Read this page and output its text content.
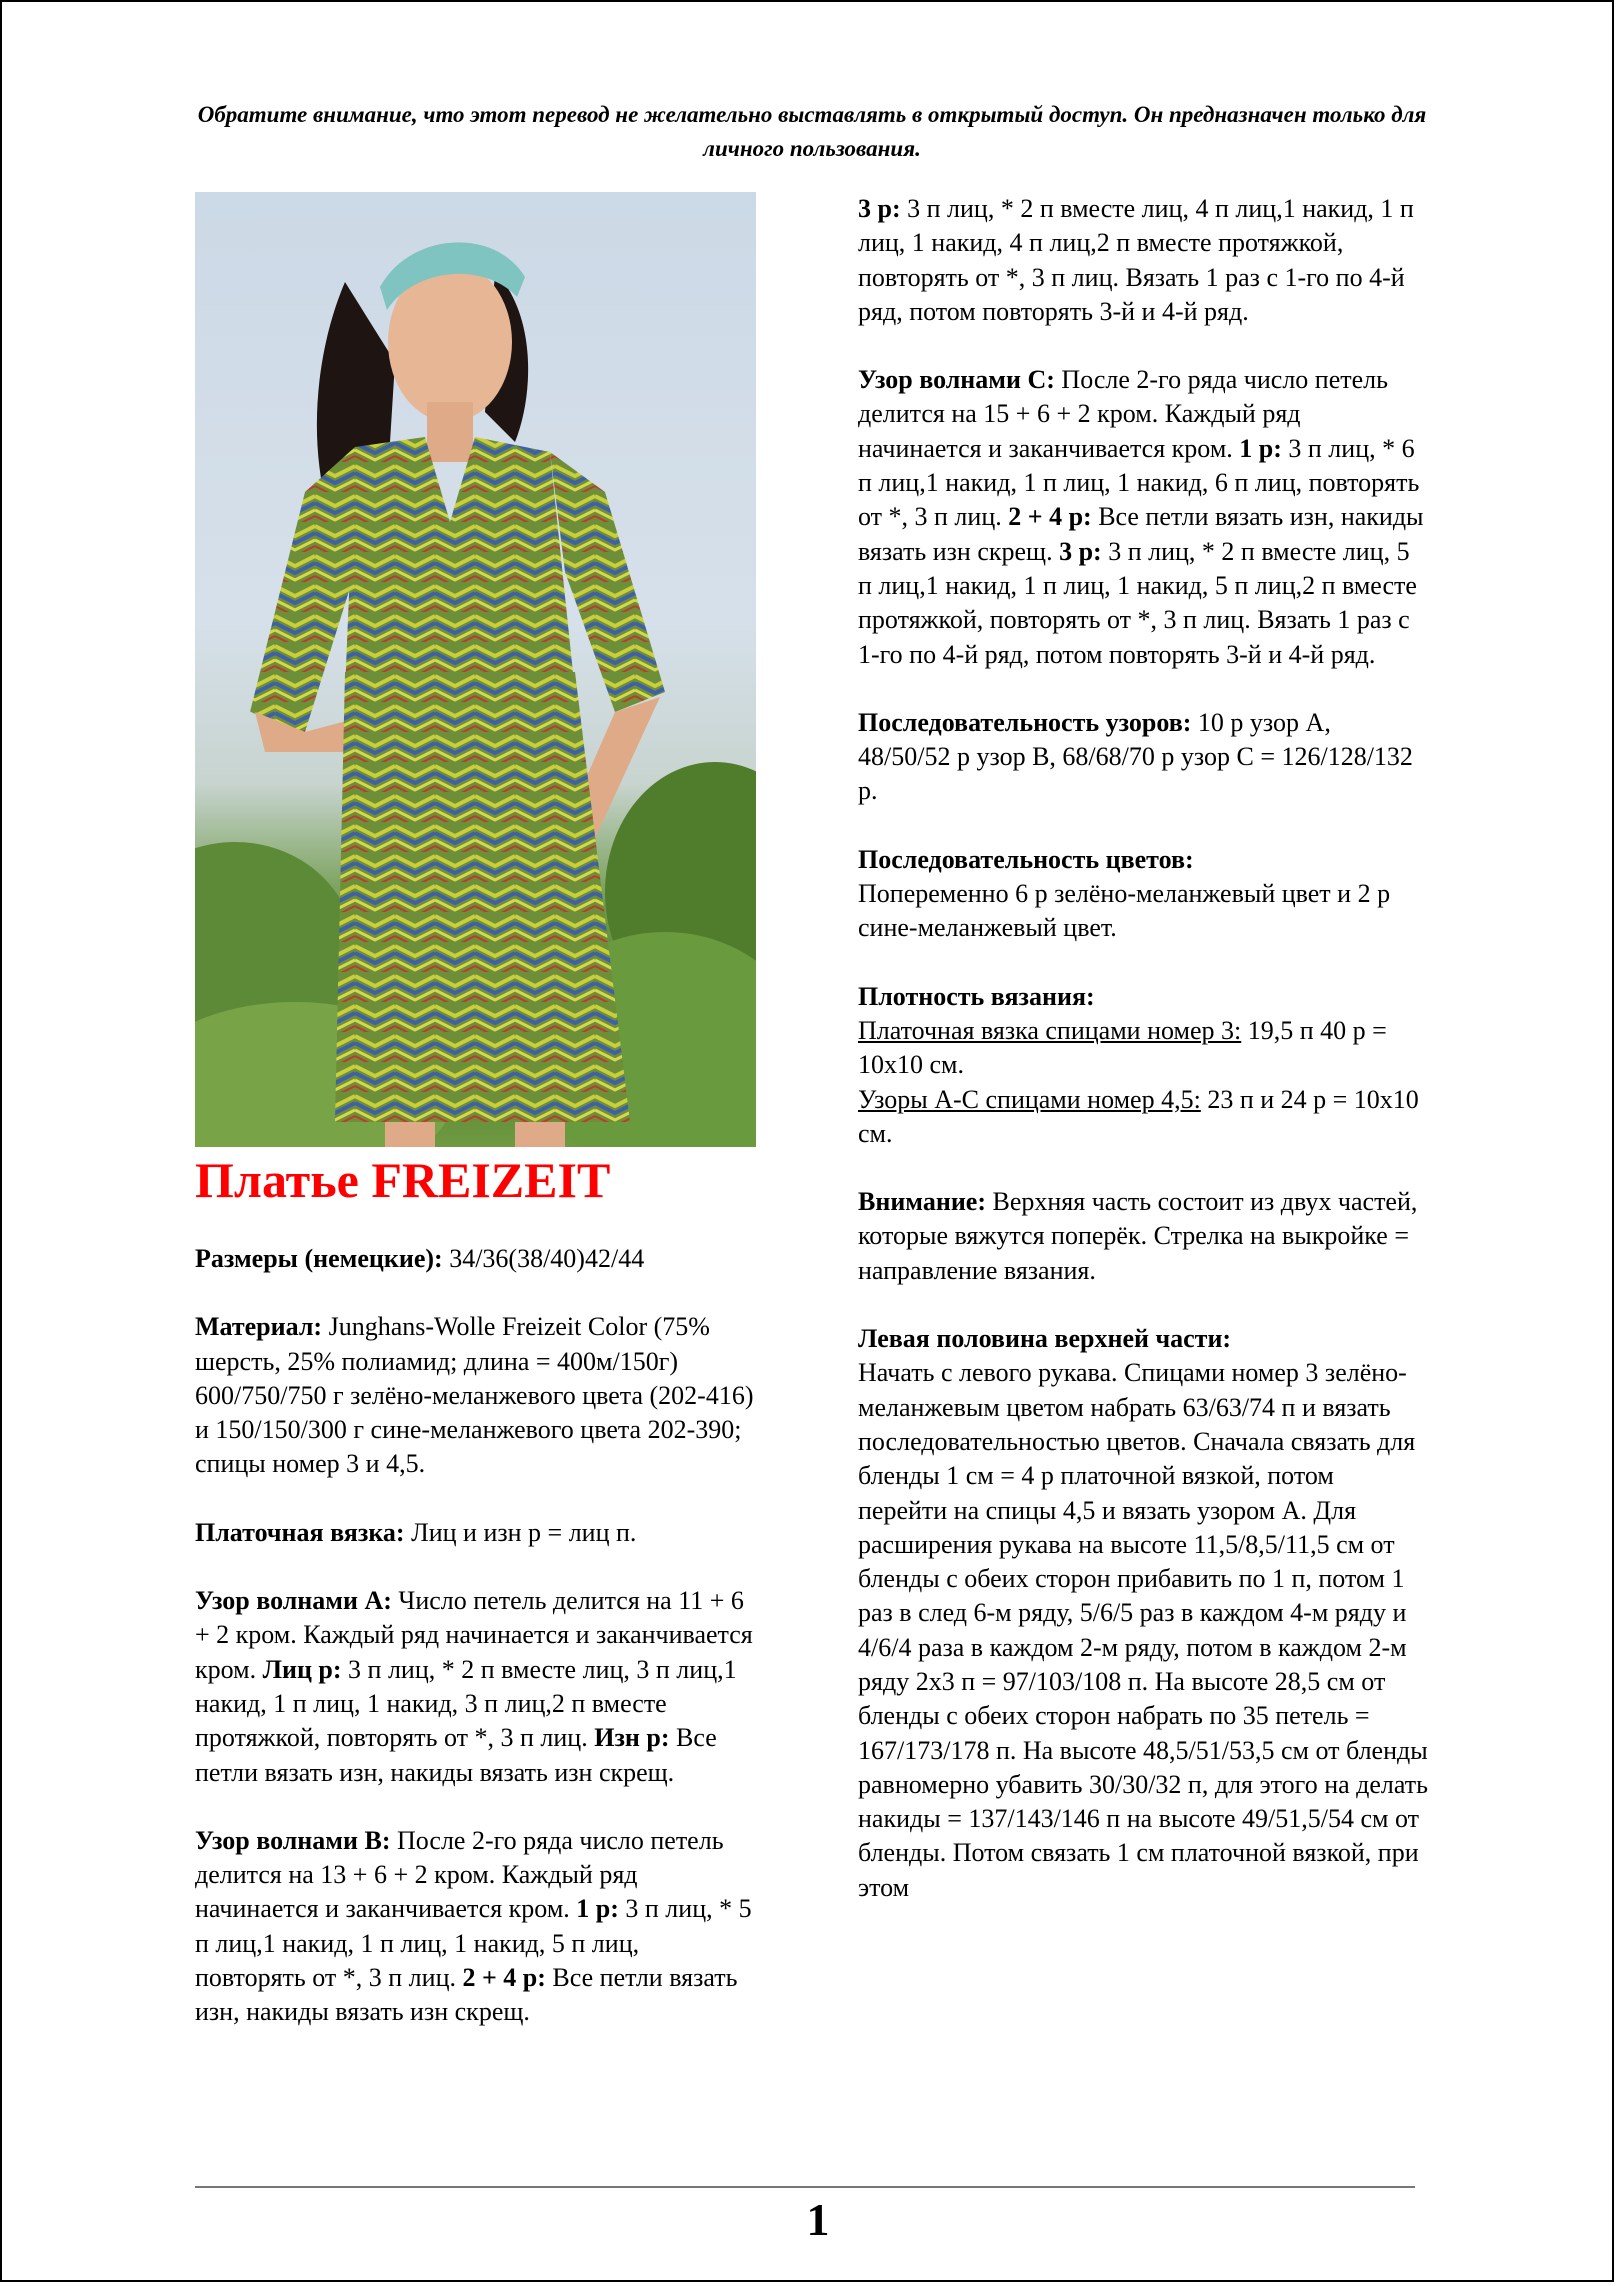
Обратите внимание, что этот перевод не желательно выставлять в открытый доступ. Он предназначен только для личного пользования.
Платье FREIZEIT

Размеры (немецкие): 34/36(38/40)42/44

Материал: Junghans-Wolle Freizeit Color (75% шерсть, 25% полиамид; длина = 400м/150г) 600/750/750 г зелёно-меланжевого цвета (202-416) и 150/150/300 г сине-меланжевого цвета 202-390; спицы номер 3 и 4,5.

Платочная вязка: Лиц и изн р = лиц п.

Узор волнами A: Число петель делится на 11 + 6 + 2 кром. Каждый ряд начинается и заканчивается кром. Лиц р: 3 п лиц, * 2 п вместе лиц, 3 п лиц,1 накид, 1 п лиц, 1 накид, 3 п лиц,2 п вместе протяжкой, повторять от *, 3 п лиц. Изн р: Все петли вязать изн, накиды вязать изн скрещ.

Узор волнами B: После 2-го ряда число петель делится на 13 + 6 + 2 кром. Каждый ряд начинается и заканчивается кром. 1 р: 3 п лиц, * 5 п лиц,1 накид, 1 п лиц, 1 накид, 5 п лиц, повторять от *, 3 п лиц. 2 + 4 р: Все петли вязать изн, накиды вязать изн скрещ.

3 р: 3 п лиц, * 2 п вместе лиц, 4 п лиц,1 накид, 1 п лиц, 1 накид, 4 п лиц,2 п вместе протяжкой, повторять от *, 3 п лиц. Вязать 1 раз с 1-го по 4-й ряд, потом повторять 3-й и 4-й ряд.

Узор волнами C: После 2-го ряда число петель делится на 15 + 6 + 2 кром. Каждый ряд начинается и заканчивается кром. 1 р: 3 п лиц, * 6 п лиц,1 накид, 1 п лиц, 1 накид, 6 п лиц, повторять от *, 3 п лиц. 2 + 4 р: Все петли вязать изн, накиды вязать изн скрещ. 3 р: 3 п лиц, * 2 п вместе лиц, 5 п лиц,1 накид, 1 п лиц, 1 накид, 5 п лиц,2 п вместе протяжкой, повторять от *, 3 п лиц. Вязать 1 раз с 1-го по 4-й ряд, потом повторять 3-й и 4-й ряд.

Последовательность узоров: 10 р узор A, 48/50/52 р узор B, 68/68/70 р узор C = 126/128/132 р.

Последовательность цветов:
Попеременно 6 р зелёно-меланжевый цвет и 2 р сине-меланжевый цвет.

Плотность вязания:
Платочная вязка спицами номер 3: 19,5 п 40 р = 10x10 см.
Узоры A-C спицами номер 4,5: 23 п и 24 р = 10x10 см.

Внимание: Верхняя часть состоит из двух частей, которые вяжутся поперёк. Стрелка на выкройке = направление вязания.

Левая половина верхней части:
Начать с левого рукава. Спицами номер 3 зелёно-меланжевым цветом набрать 63/63/74 п и вязать последовательностью цветов. Сначала связать для бленды 1 см = 4 р платочной вязкой, потом перейти на спицы 4,5 и вязать узором A. Для расширения рукава на высоте 11,5/8,5/11,5 см от бленды с обеих сторон прибавить по 1 п, потом 1 раз в след 6-м ряду, 5/6/5 раз в каждом 4-м ряду и 4/6/4 раза в каждом 2-м ряду, потом в каждом 2-м ряду 2x3 п = 97/103/108 п. На высоте 28,5 см от бленды с обеих сторон набрать по 35 петель = 167/173/178 п. На высоте 48,5/51/53,5 см от бленды равномерно убавить 30/30/32 п, для этого на делать накиды = 137/143/146 п на высоте 49/51,5/54 см от бленды. Потом связать 1 см платочной вязкой, при этом

1
